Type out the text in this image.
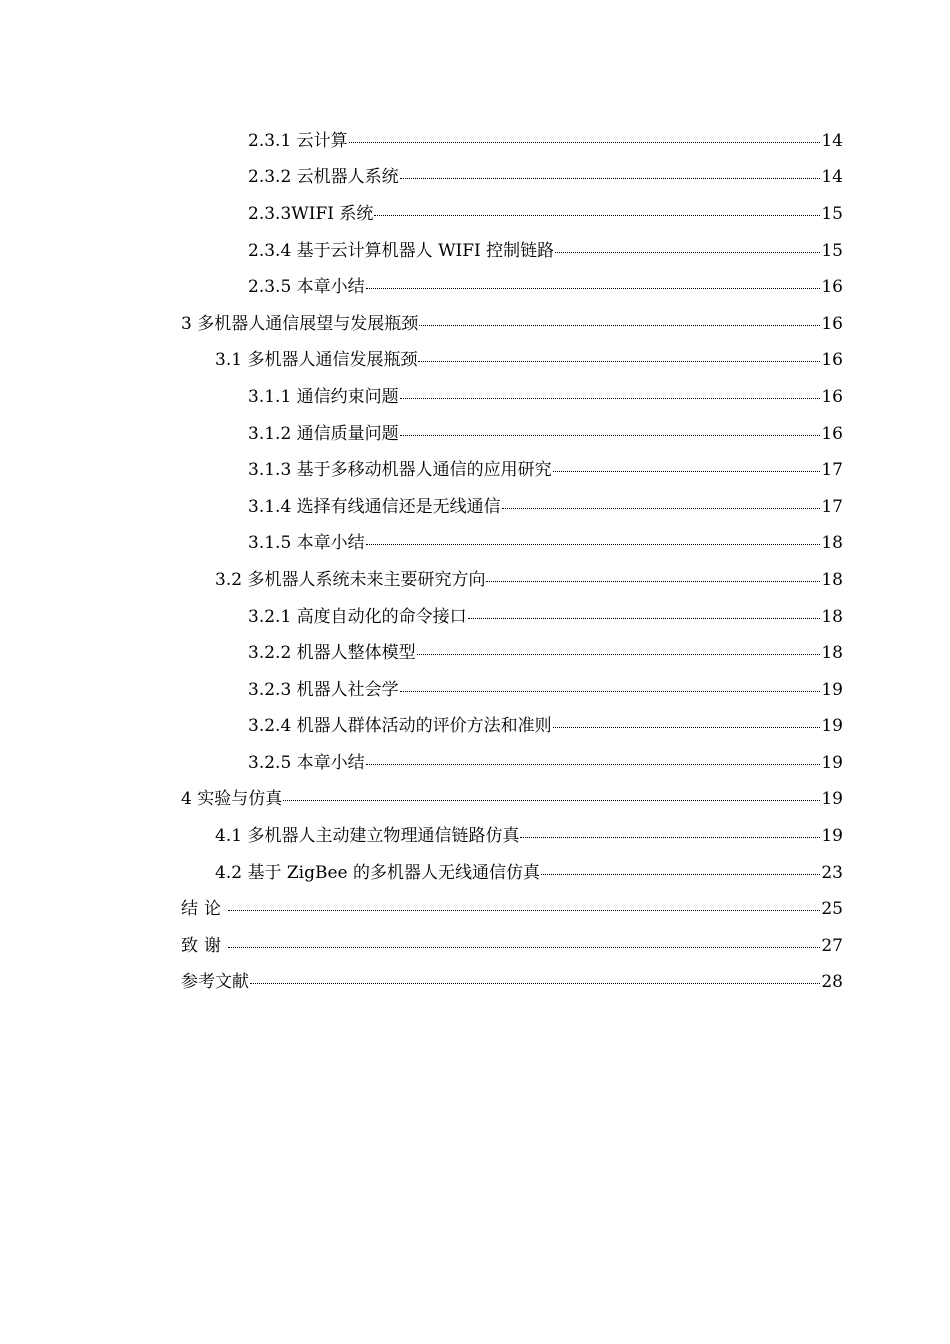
2.3.1 云计算	14
2.3.2 云机器人系统	14
2.3.3WIFI 系统	15
2.3.4 基于云计算机器人 WIFI 控制链路	15
2.3.5 本章小结	16
3 多机器人通信展望与发展瓶颈	16
3.1 多机器人通信发展瓶颈	16
3.1.1 通信约束问题	16
3.1.2 通信质量问题	16
3.1.3 基于多移动机器人通信的应用研究	17
3.1.4 选择有线通信还是无线通信	17
3.1.5 本章小结	18
3.2 多机器人系统未来主要研究方向	18
3.2.1 高度自动化的命令接口	18
3.2.2 机器人整体模型	18
3.2.3 机器人社会学	19
3.2.4 机器人群体活动的评价方法和准则	19
3.2.5 本章小结	19
4 实验与仿真	19
4.1 多机器人主动建立物理通信链路仿真	19
4.2 基于 ZigBee 的多机器人无线通信仿真	23
结论	25
致谢	27
参考文献	28
